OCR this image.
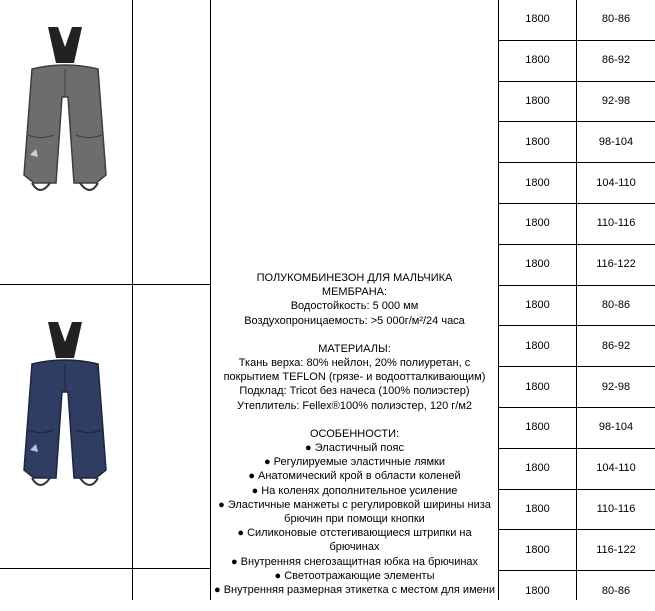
ПОЛУКОМБИНЕЗОН ДЛЯ МАЛЬЧИКА
МЕМБРАНА:
Водостойкость: 5 000 мм
Воздухопроницаемость: >5 000г/м²/24 часа
МАТЕРИАЛЫ:
Ткань верха: 80% нейлон, 20% полиуретан, с
покрытием TEFLON (грязе- и водоотталкивающим)
Подклад: Tricot без начеса (100% полиэстер)
Утеплитель: Fellex®100% полиэстер, 120 г/м2
ОСОБЕННОСТИ:
● Эластичный пояс
● Регулируемые эластичные лямки
● Анатомический крой в области коленей
● На коленях дополнительное усиление
● Эластичные манжеты с регулировкой ширины низа
брючин при помощи кнопки
● Силиконовые отстегивающиеся штрипки на брючинах
● Внутренняя снегозащитная юбка на брючинах
● Светоотражающие элементы
● Внутренняя размерная этикетка с местом для имени
1800	80-86
1800	86-92
1800	92-98
1800	98-104
1800	104-110
1800	110-116
1800	116-122
1800	80-86
1800	86-92
1800	92-98
1800	98-104
1800	104-110
1800	110-116
1800	116-122
1800	80-86
